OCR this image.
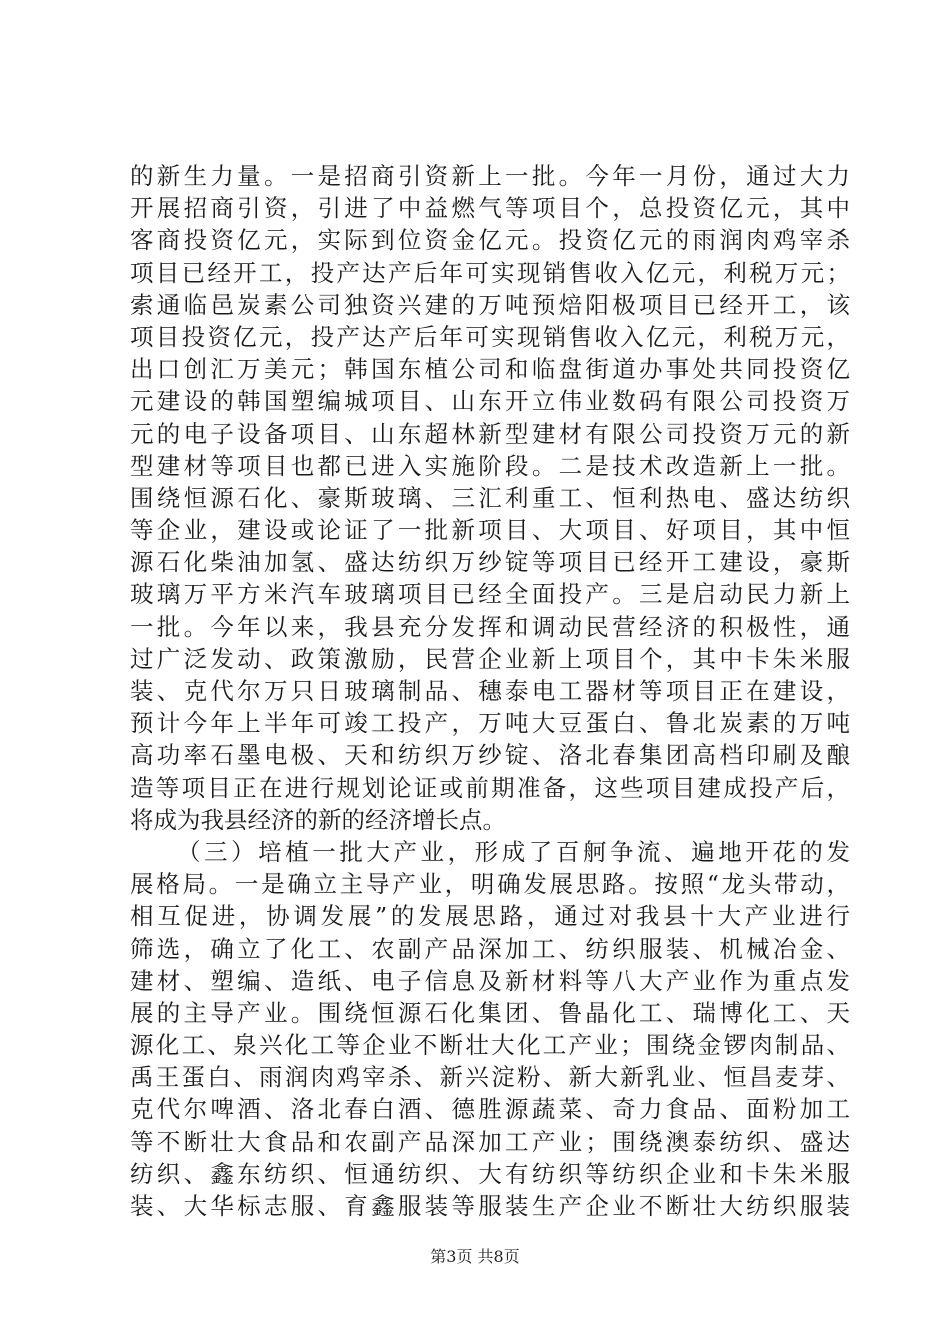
的新生力量。一是招商引资新上一批。今年一月份，通过大力
开展招商引资，引进了中益燃气等项目个，总投资亿元，其中
客商投资亿元，实际到位资金亿元。投资亿元的雨润肉鸡宰杀
项目已经开工，投产达产后年可实现销售收入亿元，利税万元；
索通临邑炭素公司独资兴建的万吨预焙阳极项目已经开工，该
项目投资亿元，投产达产后年可实现销售收入亿元，利税万元，
出口创汇万美元；韩国东植公司和临盘街道办事处共同投资亿
元建设的韩国塑编城项目、山东开立伟业数码有限公司投资万
元的电子设备项目、山东超林新型建材有限公司投资万元的新
型建材等项目也都已进入实施阶段。二是技术改造新上一批。
围绕恒源石化、豪斯玻璃、三汇利重工、恒利热电、盛达纺织
等企业，建设或论证了一批新项目、大项目、好项目，其中恒
源石化柴油加氢、盛达纺织万纱锭等项目已经开工建设，豪斯
玻璃万平方米汽车玻璃项目已经全面投产。三是启动民力新上
一批。今年以来，我县充分发挥和调动民营经济的积极性，通
过广泛发动、政策激励，民营企业新上项目个，其中卡朱米服
装、克代尔万只日玻璃制品、穗泰电工器材等项目正在建设，
预计今年上半年可竣工投产，万吨大豆蛋白、鲁北炭素的万吨
高功率石墨电极、天和纺织万纱锭、洛北春集团高档印刷及酿
造等项目正在进行规划论证或前期准备，这些项目建成投产后，
将成为我县经济的新的经济增长点。
（三）培植一批大产业，形成了百舸争流、遍地开花的发
展格局。一是确立主导产业，明确发展思路。按照“龙头带动，
相互促进，协调发展”的发展思路，通过对我县十大产业进行
筛选，确立了化工、农副产品深加工、纺织服装、机械冶金、
建材、塑编、造纸、电子信息及新材料等八大产业作为重点发
展的主导产业。围绕恒源石化集团、鲁晶化工、瑞博化工、天
源化工、泉兴化工等企业不断壮大化工产业；围绕金锣肉制品、
禹王蛋白、雨润肉鸡宰杀、新兴淀粉、新大新乳业、恒昌麦芽、
克代尔啤酒、洛北春白酒、德胜源蔬菜、奇力食品、面粉加工
等不断壮大食品和农副产品深加工产业；围绕澳泰纺织、盛达
纺织、鑫东纺织、恒通纺织、大有纺织等纺织企业和卡朱米服
装、大华标志服、育鑫服装等服装生产企业不断壮大纺织服装
第3页 共8页
